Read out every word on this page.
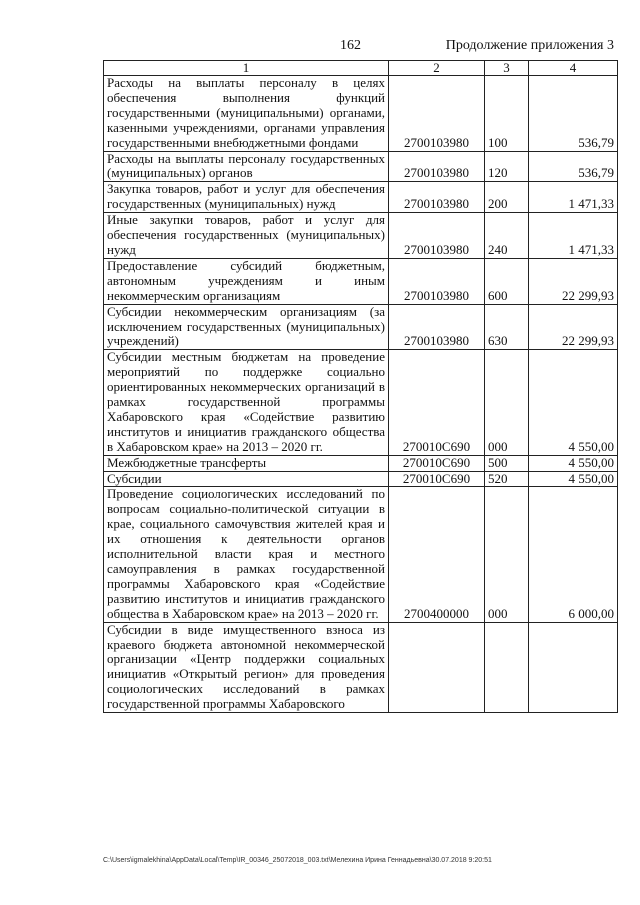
162	Продолжение приложения 3
1	2	3	4
Расходы на выплаты персоналу в целях обеспечения выполнения функций государственными (муниципальными) органами, казенными учреждениями, органами управления государственными внебюджетными фондами	2700103980	100	536,79
Расходы на выплаты персоналу государственных (муниципальных) органов	2700103980	120	536,79
Закупка товаров, работ и услуг для обеспечения государственных (муниципальных) нужд	2700103980	200	1 471,33
Иные закупки товаров, работ и услуг для обеспечения государственных (муниципальных) нужд	2700103980	240	1 471,33
Предоставление субсидий бюджетным, автономным учреждениям и иным некоммерческим организациям	2700103980	600	22 299,93
Субсидии некоммерческим организациям (за исключением государственных (муниципальных) учреждений)	2700103980	630	22 299,93
Субсидии местным бюджетам на проведение мероприятий по поддержке социально ориентированных некоммерческих организаций в рамках государственной программы Хабаровского края «Содействие развитию институтов и инициатив гражданского общества в Хабаровском крае» на 2013 – 2020 гг.	270010С690	000	4 550,00
Межбюджетные трансферты	270010С690	500	4 550,00
Субсидии	270010С690	520	4 550,00
Проведение социологических исследований по вопросам социально-политической ситуации в крае, социального самочувствия жителей края и их отношения к деятельности органов исполнительной власти края и местного самоуправления в рамках государственной программы Хабаровского края «Содействие развитию институтов и инициатив гражданского общества в Хабаровском крае» на 2013 – 2020 гг.	2700400000	000	6 000,00
Субсидии в виде имущественного взноса из краевого бюджета автономной некоммерческой организации «Центр поддержки социальных инициатив «Открытый регион» для проведения социологических исследований в рамках государственной программы Хабаровского			
C:\Users\igmalekhina\AppData\Local\Temp\IR_00346_25072018_003.txt\Мелехина Ирина Геннадьевна\30.07.2018 9:20:51
